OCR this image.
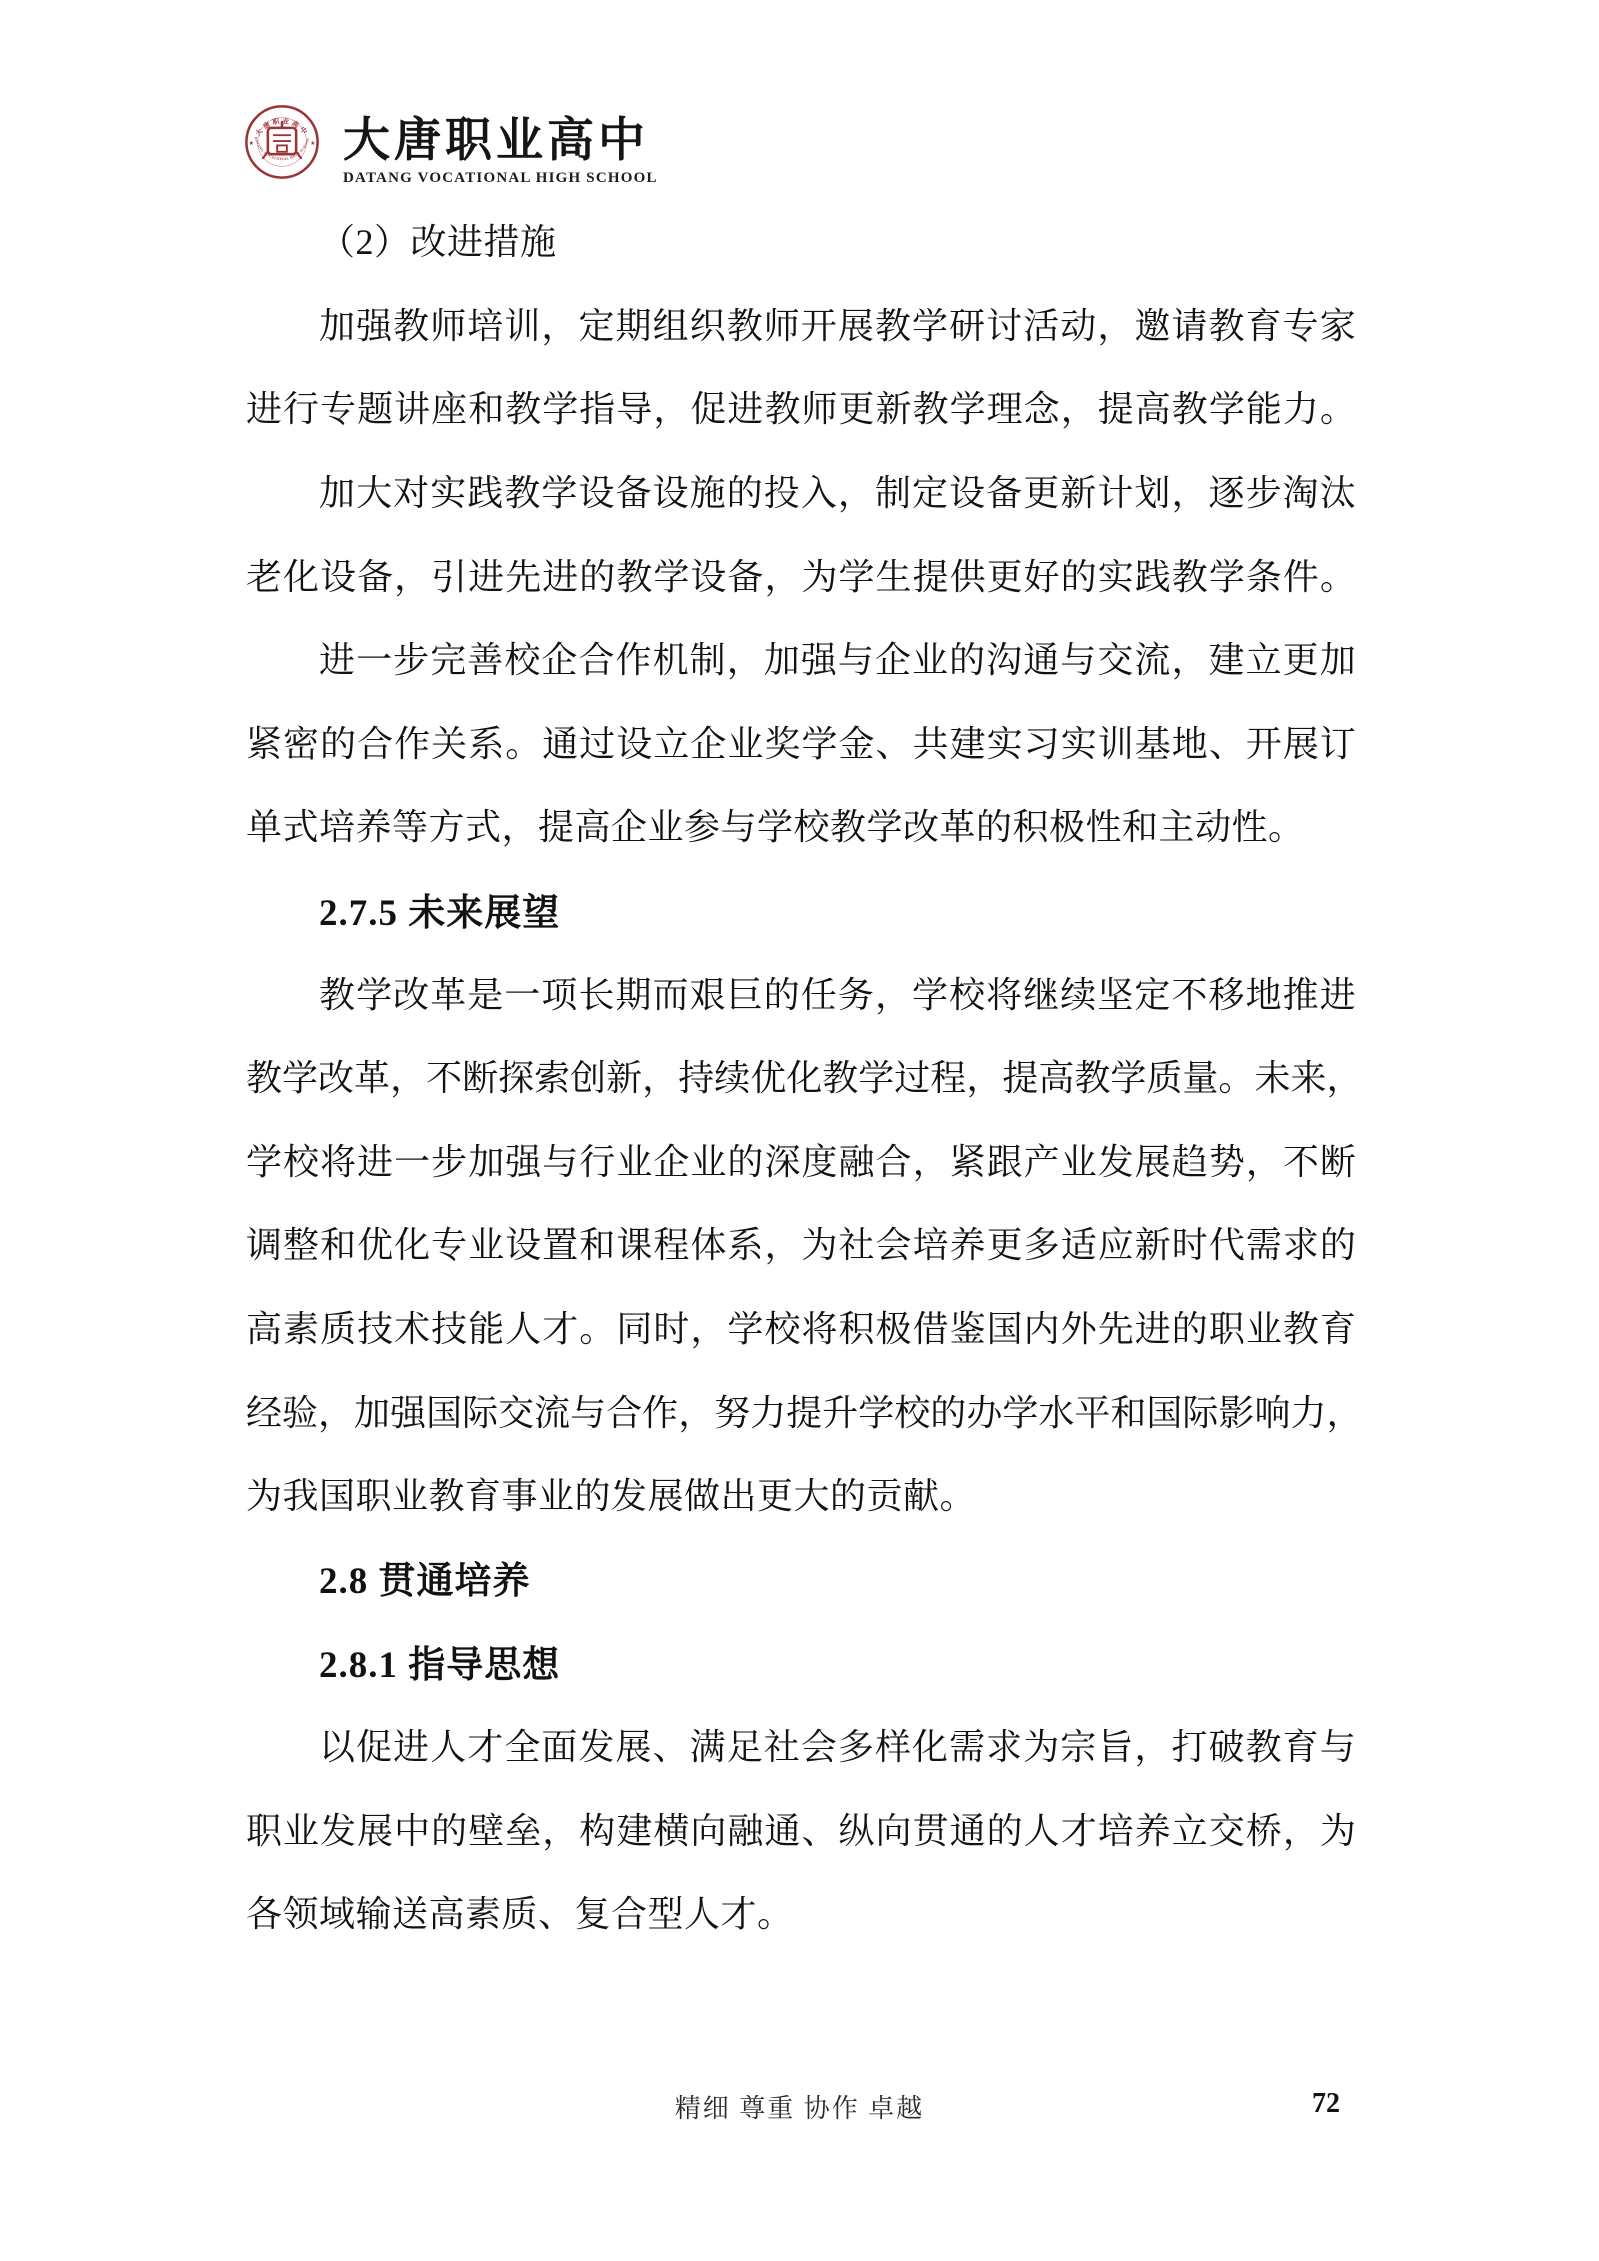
大唐职业高中
DATANG VOCATIONAL HIGH SCHOOL
★	★ 大唐职业高中
DATANG VOCATIONAL HIGH SCHOOL
（2）改进措施
加 强 教 师 培 训 ， 定 期 组 织 教 师 开 展 教 学 研 讨 活 动 ， 邀 请 教 育 专 家
进 行 专 题 讲 座 和 教 学 指 导 ， 促 进 教 师 更 新 教 学 理 念 ， 提 高 教 学 能 力 。
加 大 对 实 践 教 学 设 备 设 施 的 投 入 ， 制 定 设 备 更 新 计 划 ， 逐 步 淘 汰
老 化 设 备 ， 引 进 先 进 的 教 学 设 备 ， 为 学 生 提 供 更 好 的 实 践 教 学 条 件 。
进 一 步 完 善 校 企 合 作 机 制 ， 加 强 与 企 业 的 沟 通 与 交 流 ， 建 立 更 加
紧 密 的 合 作 关 系 。 通 过 设 立 企 业 奖 学 金 、 共 建 实 习 实 训 基 地 、 开 展 订
单式培养等方式，提高企业参与学校教学改革的积极性和主动性。
2.7.5 未来展望
教 学 改 革 是 一 项 长 期 而 艰 巨 的 任 务 ， 学 校 将 继 续 坚 定 不 移 地 推 进
教 学 改 革 ， 不 断 探 索 创 新 ， 持 续 优 化 教 学 过 程 ， 提 高 教 学 质 量 。 未 来 ，
学 校 将 进 一 步 加 强 与 行 业 企 业 的 深 度 融 合 ， 紧 跟 产 业 发 展 趋 势 ， 不 断
调 整 和 优 化 专 业 设 置 和 课 程 体 系 ， 为 社 会 培 养 更 多 适 应 新 时 代 需 求 的
高 素 质 技 术 技 能 人 才 。 同 时 ， 学 校 将 积 极 借 鉴 国 内 外 先 进 的 职 业 教 育
经 验 ， 加 强 国 际 交 流 与 合 作 ， 努 力 提 升 学 校 的 办 学 水 平 和 国 际 影 响 力 ，
为我国职业教育事业的发展做出更大的贡献。
2.8 贯通培养
2.8.1 指导思想
以 促 进 人 才 全 面 发 展 、 满 足 社 会 多 样 化 需 求 为 宗 旨 ， 打 破 教 育 与
职 业 发 展 中 的 壁 垒 ， 构 建 横 向 融 通 、 纵 向 贯 通 的 人 才 培 养 立 交 桥 ， 为
各领域输送高素质、复合型人才。
精细 尊重 协作 卓越	72
